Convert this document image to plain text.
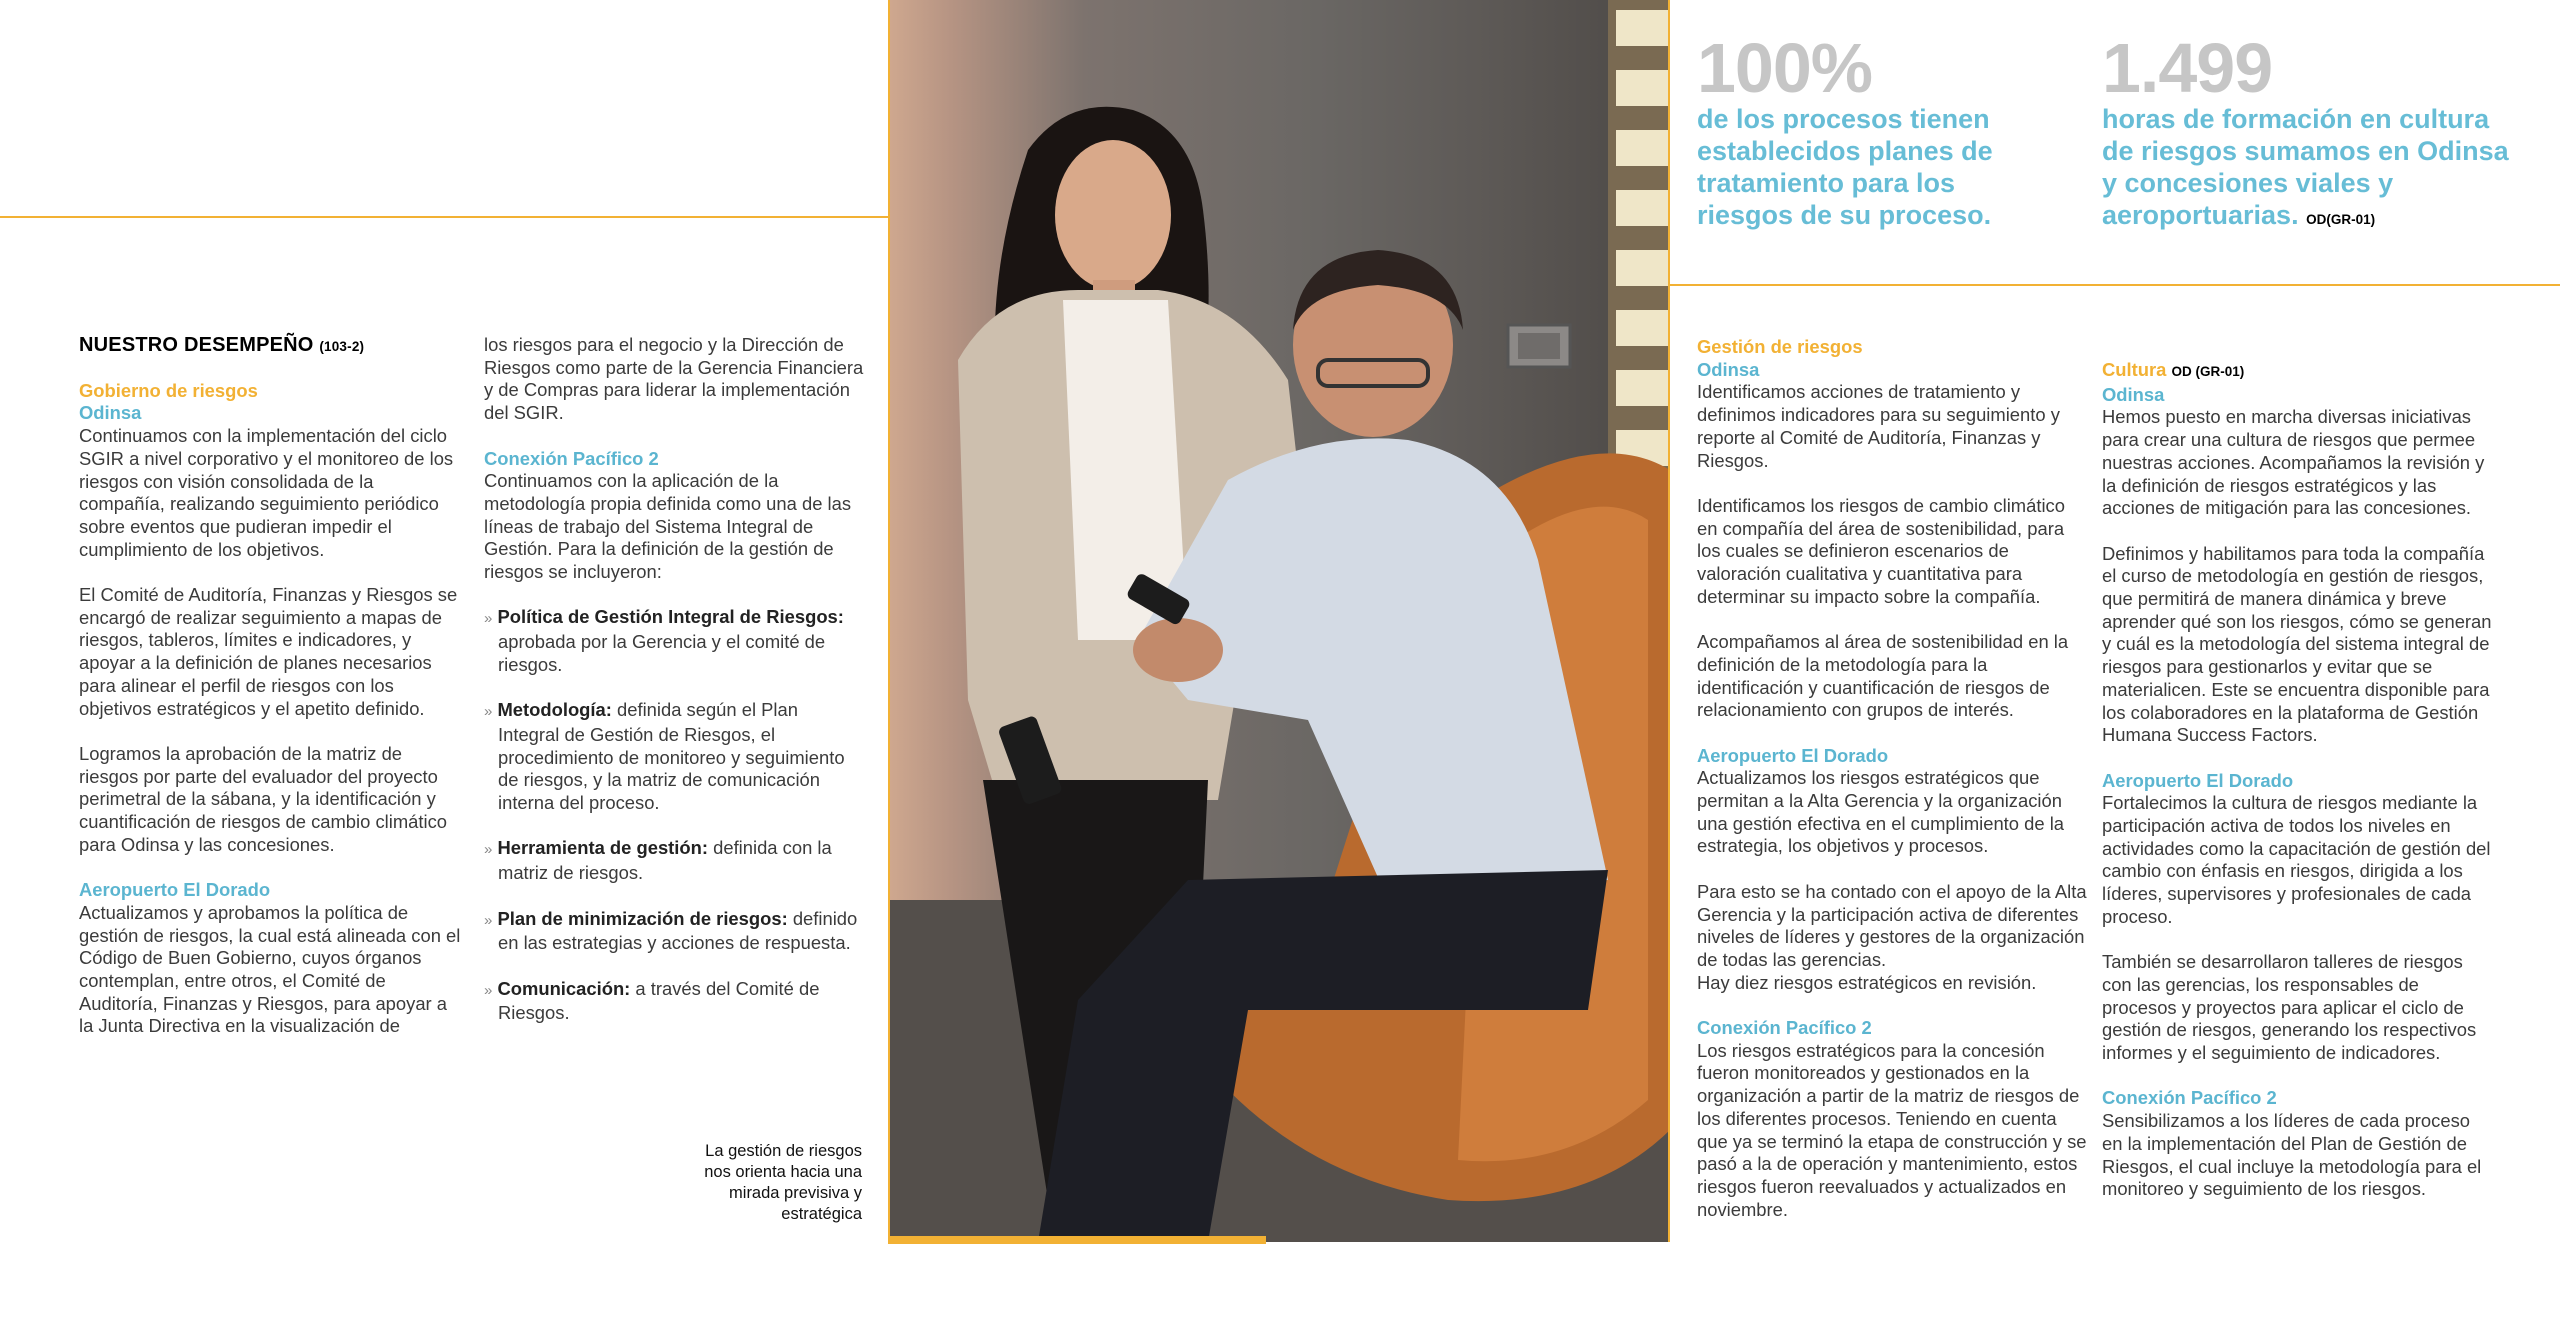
NUESTRO DESEMPEÑO (103-2)
Gobierno de riesgos
Odinsa

Continuamos con la implementación del ciclo SGIR a nivel corporativo y el monitoreo de los riesgos con visión consolidada de la compañía, realizando seguimiento periódico sobre eventos que pudieran impedir el cumplimiento de los objetivos.

El Comité de Auditoría, Finanzas y Riesgos se encargó de realizar seguimiento a mapas de riesgos, tableros, límites e indicadores, y apoyar a la definición de planes necesarios para alinear el perfil de riesgos con los objetivos estratégicos y el apetito definido.

Logramos la aprobación de la matriz de riesgos por parte del evaluador del proyecto perimetral de la sábana, y la identificación y cuantificación de riesgos de cambio climático para Odinsa y las concesiones.

Aeropuerto El Dorado

Actualizamos y aprobamos la política de gestión de riesgos, la cual está alineada con el Código de Buen Gobierno, cuyos órganos contemplan, entre otros, el Comité de Auditoría, Finanzas y Riesgos, para apoyar a la Junta Directiva en la visualización de

los riesgos para el negocio y la Dirección de Riesgos como parte de la Gerencia Financiera y de Compras para liderar la implementación del SGIR.

Conexión Pacífico 2

Continuamos con la aplicación de la metodología propia definida como una de las líneas de trabajo del Sistema Integral de Gestión. Para la definición de la gestión de riesgos se incluyeron:

» Política de Gestión Integral de Riesgos: aprobada por la Gerencia y el comité de riesgos.

» Metodología: definida según el Plan Integral de Gestión de Riesgos, el procedimiento de monitoreo y seguimiento de riesgos, y la matriz de comunicación interna del proceso.

» Herramienta de gestión: definida con la matriz de riesgos.

» Plan de minimización de riesgos: definido en las estrategias y acciones de respuesta.

» Comunicación: a través del Comité de Riesgos.

La gestión de riesgos nos orienta hacia una mirada previsiva y estratégica
100%
de los procesos tienen establecidos planes de tratamiento para los riesgos de su proceso.
1.499
horas de formación en cultura de riesgos sumamos en Odinsa y concesiones viales y aeroportuarias. OD(GR-01)
Gestión de riesgos
Odinsa

Identificamos acciones de tratamiento y definimos indicadores para su seguimiento y reporte al Comité de Auditoría, Finanzas y Riesgos.

Identificamos los riesgos de cambio climático en compañía del área de sostenibilidad, para los cuales se definieron escenarios de valoración cualitativa y cuantitativa para determinar su impacto sobre la compañía.

Acompañamos al área de sostenibilidad en la definición de la metodología para la identificación y cuantificación de riesgos de relacionamiento con grupos de interés.

Aeropuerto El Dorado

Actualizamos los riesgos estratégicos que permitan a la Alta Gerencia y la organización una gestión efectiva en el cumplimiento de la estrategia, los objetivos y procesos.

Para esto se ha contado con el apoyo de la Alta Gerencia y la participación activa de diferentes niveles de líderes y gestores de la organización de todas las gerencias.

Hay diez riesgos estratégicos en revisión.

Conexión Pacífico 2

Los riesgos estratégicos para la concesión fueron monitoreados y gestionados en la organización a partir de la matriz de riesgos de los diferentes procesos. Teniendo en cuenta que ya se terminó la etapa de construcción y se pasó a la de operación y mantenimiento, estos riesgos fueron reevaluados y actualizados en noviembre.

Cultura OD (GR-01)
Odinsa

Hemos puesto en marcha diversas iniciativas para crear una cultura de riesgos que permee nuestras acciones. Acompañamos la revisión y la definición de riesgos estratégicos y las acciones de mitigación para las concesiones.

Definimos y habilitamos para toda la compañía el curso de metodología en gestión de riesgos, que permitirá de manera dinámica y breve aprender qué son los riesgos, cómo se generan y cuál es la metodología del sistema integral de riesgos para gestionarlos y evitar que se materialicen. Este se encuentra disponible para los colaboradores en la plataforma de Gestión Humana Success Factors.

Aeropuerto El Dorado

Fortalecimos la cultura de riesgos mediante la participación activa de todos los niveles en actividades como la capacitación de gestión del cambio con énfasis en riesgos, dirigida a los líderes, supervisores y profesionales de cada proceso.

También se desarrollaron talleres de riesgos con las gerencias, los responsables de procesos y proyectos para aplicar el ciclo de gestión de riesgos, generando los respectivos informes y el seguimiento de indicadores.

Conexión Pacífico 2

Sensibilizamos a los líderes de cada proceso en la implementación del Plan de Gestión de Riesgos, el cual incluye la metodología para el monitoreo y seguimiento de los riesgos.
